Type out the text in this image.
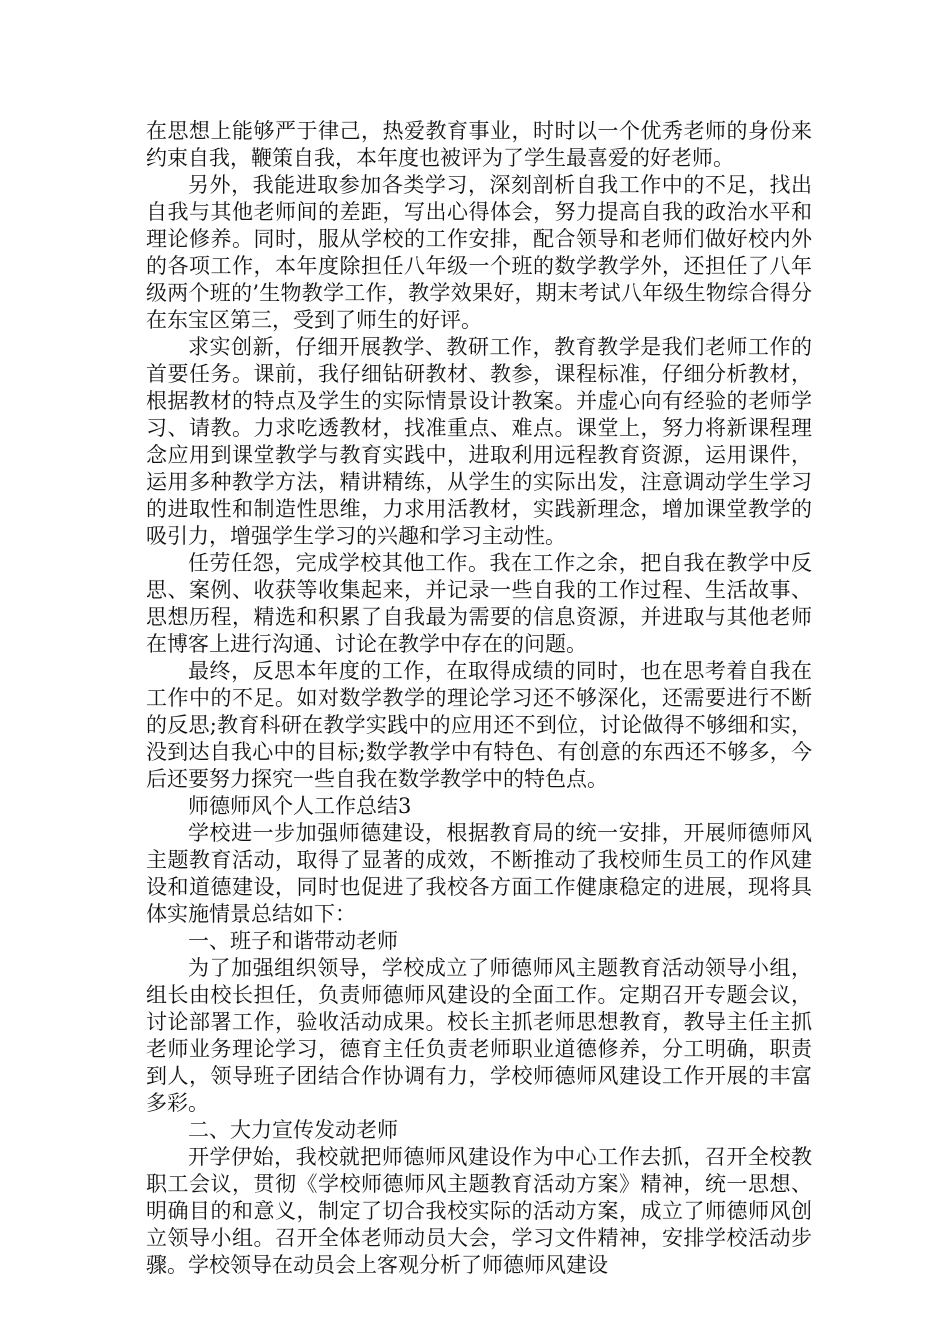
在思想上能够严于律己，热爱教育事业，时时以一个优秀老师的身份来约束自我，鞭策自我，本年度也被评为了学生最喜爱的好老师。

另外，我能进取参加各类学习，深刻剖析自我工作中的不足，找出自我与其他老师间的差距，写出心得体会，努力提高自我的政治水平和理论修养。同时，服从学校的工作安排，配合领导和老师们做好校内外的各项工作，本年度除担任八年级一个班的数学教学外，还担任了八年级两个班的’生物教学工作，教学效果好，期末考试八年级生物综合得分在东宝区第三，受到了师生的好评。

求实创新，仔细开展教学、教研工作，教育教学是我们老师工作的首要任务。课前，我仔细钻研教材、教参，课程标准，仔细分析教材，根据教材的特点及学生的实际情景设计教案。并虚心向有经验的老师学习、请教。力求吃透教材，找准重点、难点。课堂上，努力将新课程理念应用到课堂教学与教育实践中，进取利用远程教育资源，运用课件，运用多种教学方法，精讲精练，从学生的实际出发，注意调动学生学习的进取性和制造性思维，力求用活教材，实践新理念，增加课堂教学的吸引力，增强学生学习的兴趣和学习主动性。

任劳任怨，完成学校其他工作。我在工作之余，把自我在教学中反思、案例、收获等收集起来，并记录一些自我的工作过程、生活故事、思想历程，精选和积累了自我最为需要的信息资源，并进取与其他老师在博客上进行沟通、讨论在教学中存在的问题。

最终，反思本年度的工作，在取得成绩的同时，也在思考着自我在工作中的不足。如对数学教学的理论学习还不够深化，还需要进行不断的反思;教育科研在教学实践中的应用还不到位，讨论做得不够细和实，没到达自我心中的目标;数学教学中有特色、有创意的东西还不够多，今后还要努力探究一些自我在数学教学中的特色点。

师德师风个人工作总结3

学校进一步加强师德建设，根据教育局的统一安排，开展师德师风主题教育活动，取得了显著的成效，不断推动了我校师生员工的作风建设和道德建设，同时也促进了我校各方面工作健康稳定的进展，现将具体实施情景总结如下：

一、班子和谐带动老师

为了加强组织领导，学校成立了师德师风主题教育活动领导小组，组长由校长担任，负责师德师风建设的全面工作。定期召开专题会议，讨论部署工作，验收活动成果。校长主抓老师思想教育，教导主任主抓老师业务理论学习，德育主任负责老师职业道德修养，分工明确，职责到人，领导班子团结合作协调有力，学校师德师风建设工作开展的丰富多彩。

二、大力宣传发动老师

开学伊始，我校就把师德师风建设作为中心工作去抓，召开全校教职工会议，贯彻《学校师德师风主题教育活动方案》精神，统一思想、明确目的和意义，制定了切合我校实际的活动方案，成立了师德师风创立领导小组。召开全体老师动员大会，学习文件精神，安排学校活动步骤。学校领导在动员会上客观分析了师德师风建设
